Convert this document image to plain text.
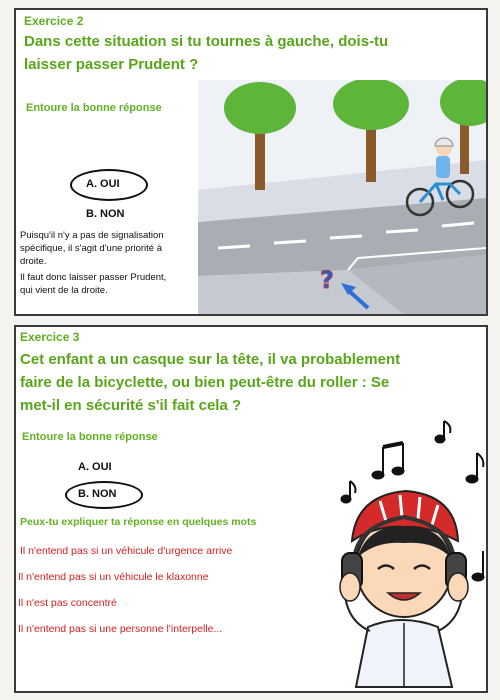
Exercice 2
Dans cette situation si tu tournes à gauche, dois-tu
laisser passer Prudent ?
Entoure la bonne réponse
A. OUI
B. NON
Puisqu'il n'y a pas de signalisation
spécifique, il s'agit d'une priorité à
droite.
Il faut donc laisser passer Prudent,
qui vient de la droite.	?
Exercice 3
Cet enfant a un casque sur la tête, il va probablement
faire de la bicyclette, ou bien peut-être du roller : Se
met-il en sécurité s'il fait cela ?
Entoure la bonne réponse
A. OUI
B. NON
Peux-tu expliquer ta réponse en quelques mots
Il n'entend pas si un véhicule d'urgence arrive
Il n'entend pas si un véhicule le klaxonne
Il n'est pas concentré
Il n'entend pas si une personne l'interpelle...
